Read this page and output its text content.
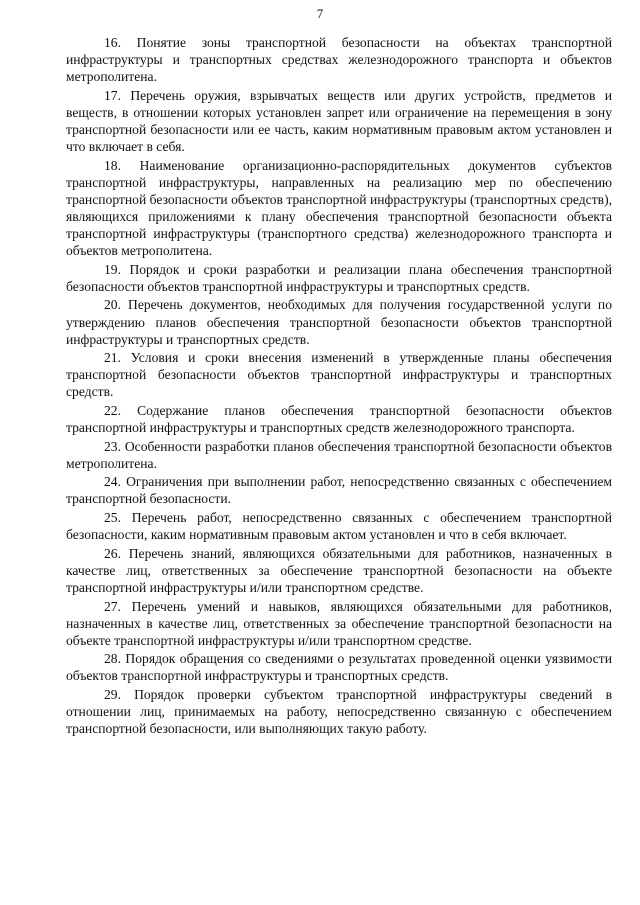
7

16. Понятие зоны транспортной безопасности на объектах транспортной инфраструктуры и транспортных средствах железнодорожного транспорта и объектов метрополитена.

17. Перечень оружия, взрывчатых веществ или других устройств, предметов и веществ, в отношении которых установлен запрет или ограничение на перемещения в зону транспортной безопасности или ее часть, каким нормативным правовым актом установлен и что включает в себя.

18. Наименование организационно-распорядительных документов субъектов транспортной инфраструктуры, направленных на реализацию мер по обеспечению транспортной безопасности объектов транспортной инфраструктуры (транспортных средств), являющихся приложениями к плану обеспечения транспортной безопасности объекта транспортной инфраструктуры (транспортного средства) железнодорожного транспорта и объектов метрополитена.

19. Порядок и сроки разработки и реализации плана обеспечения транспортной безопасности объектов транспортной инфраструктуры и транспортных средств.

20. Перечень документов, необходимых для получения государственной услуги по утверждению планов обеспечения транспортной безопасности объектов транспортной инфраструктуры и транспортных средств.

21. Условия и сроки внесения изменений в утвержденные планы обеспечения транспортной безопасности объектов транспортной инфраструктуры и транспортных средств.

22. Содержание планов обеспечения транспортной безопасности объектов транспортной инфраструктуры и транспортных средств железнодорожного транспорта.

23. Особенности разработки планов обеспечения транспортной безопасности объектов метрополитена.

24. Ограничения при выполнении работ, непосредственно связанных с обеспечением транспортной безопасности.

25. Перечень работ, непосредственно связанных с обеспечением транспортной безопасности, каким нормативным правовым актом установлен и что в себя включает.

26. Перечень знаний, являющихся обязательными для работников, назначенных в качестве лиц, ответственных за обеспечение транспортной безопасности на объекте транспортной инфраструктуры и/или транспортном средстве.

27. Перечень умений и навыков, являющихся обязательными для работников, назначенных в качестве лиц, ответственных за обеспечение транспортной безопасности на объекте транспортной инфраструктуры и/или транспортном средстве.

28. Порядок обращения со сведениями о результатах проведенной оценки уязвимости объектов транспортной инфраструктуры и транспортных средств.

29. Порядок проверки субъектом транспортной инфраструктуры сведений в отношении лиц, принимаемых на работу, непосредственно связанную с обеспечением транспортной безопасности, или выполняющих такую работу.
